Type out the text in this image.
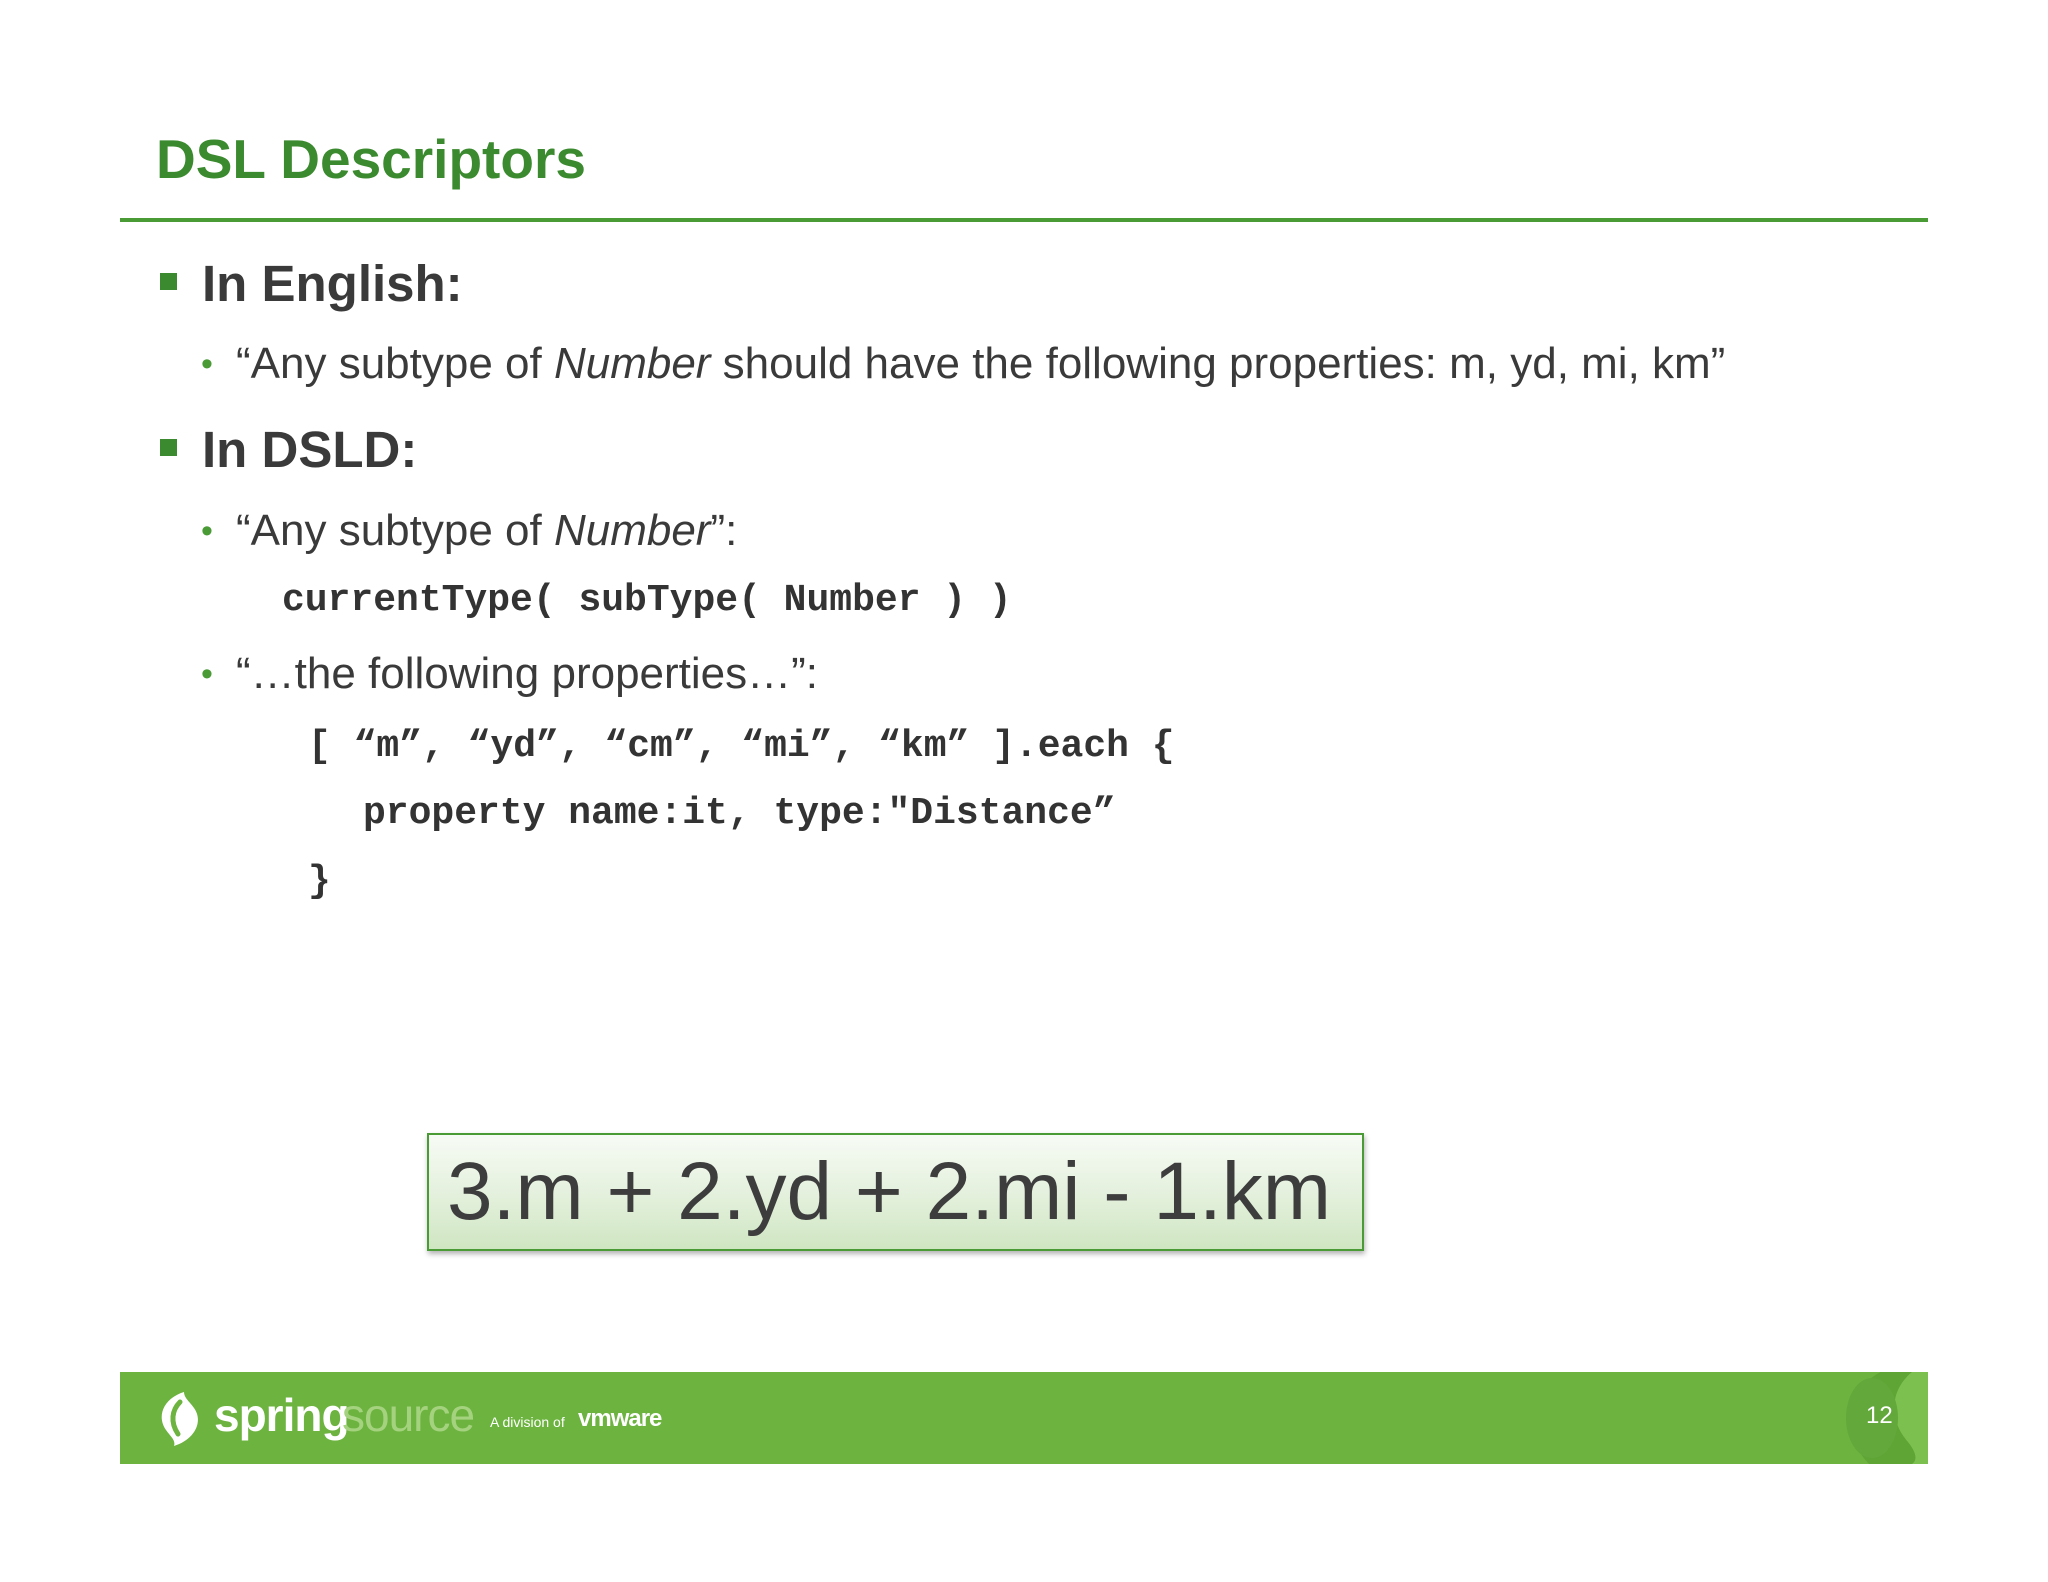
DSL Descriptors
In English:
• “Any subtype of Number should have the following properties: m, yd, mi, km”
In DSLD:
• “Any subtype of Number”:
currentType( subType( Number ) )
• “…the following properties…”:
[ “m”, “yd”, “cm”, “mi”, “km” ].each {
property name:it, type:"Distance”
}
3.m + 2.yd + 2.mi - 1.km
spring
source A division of vmware	12
